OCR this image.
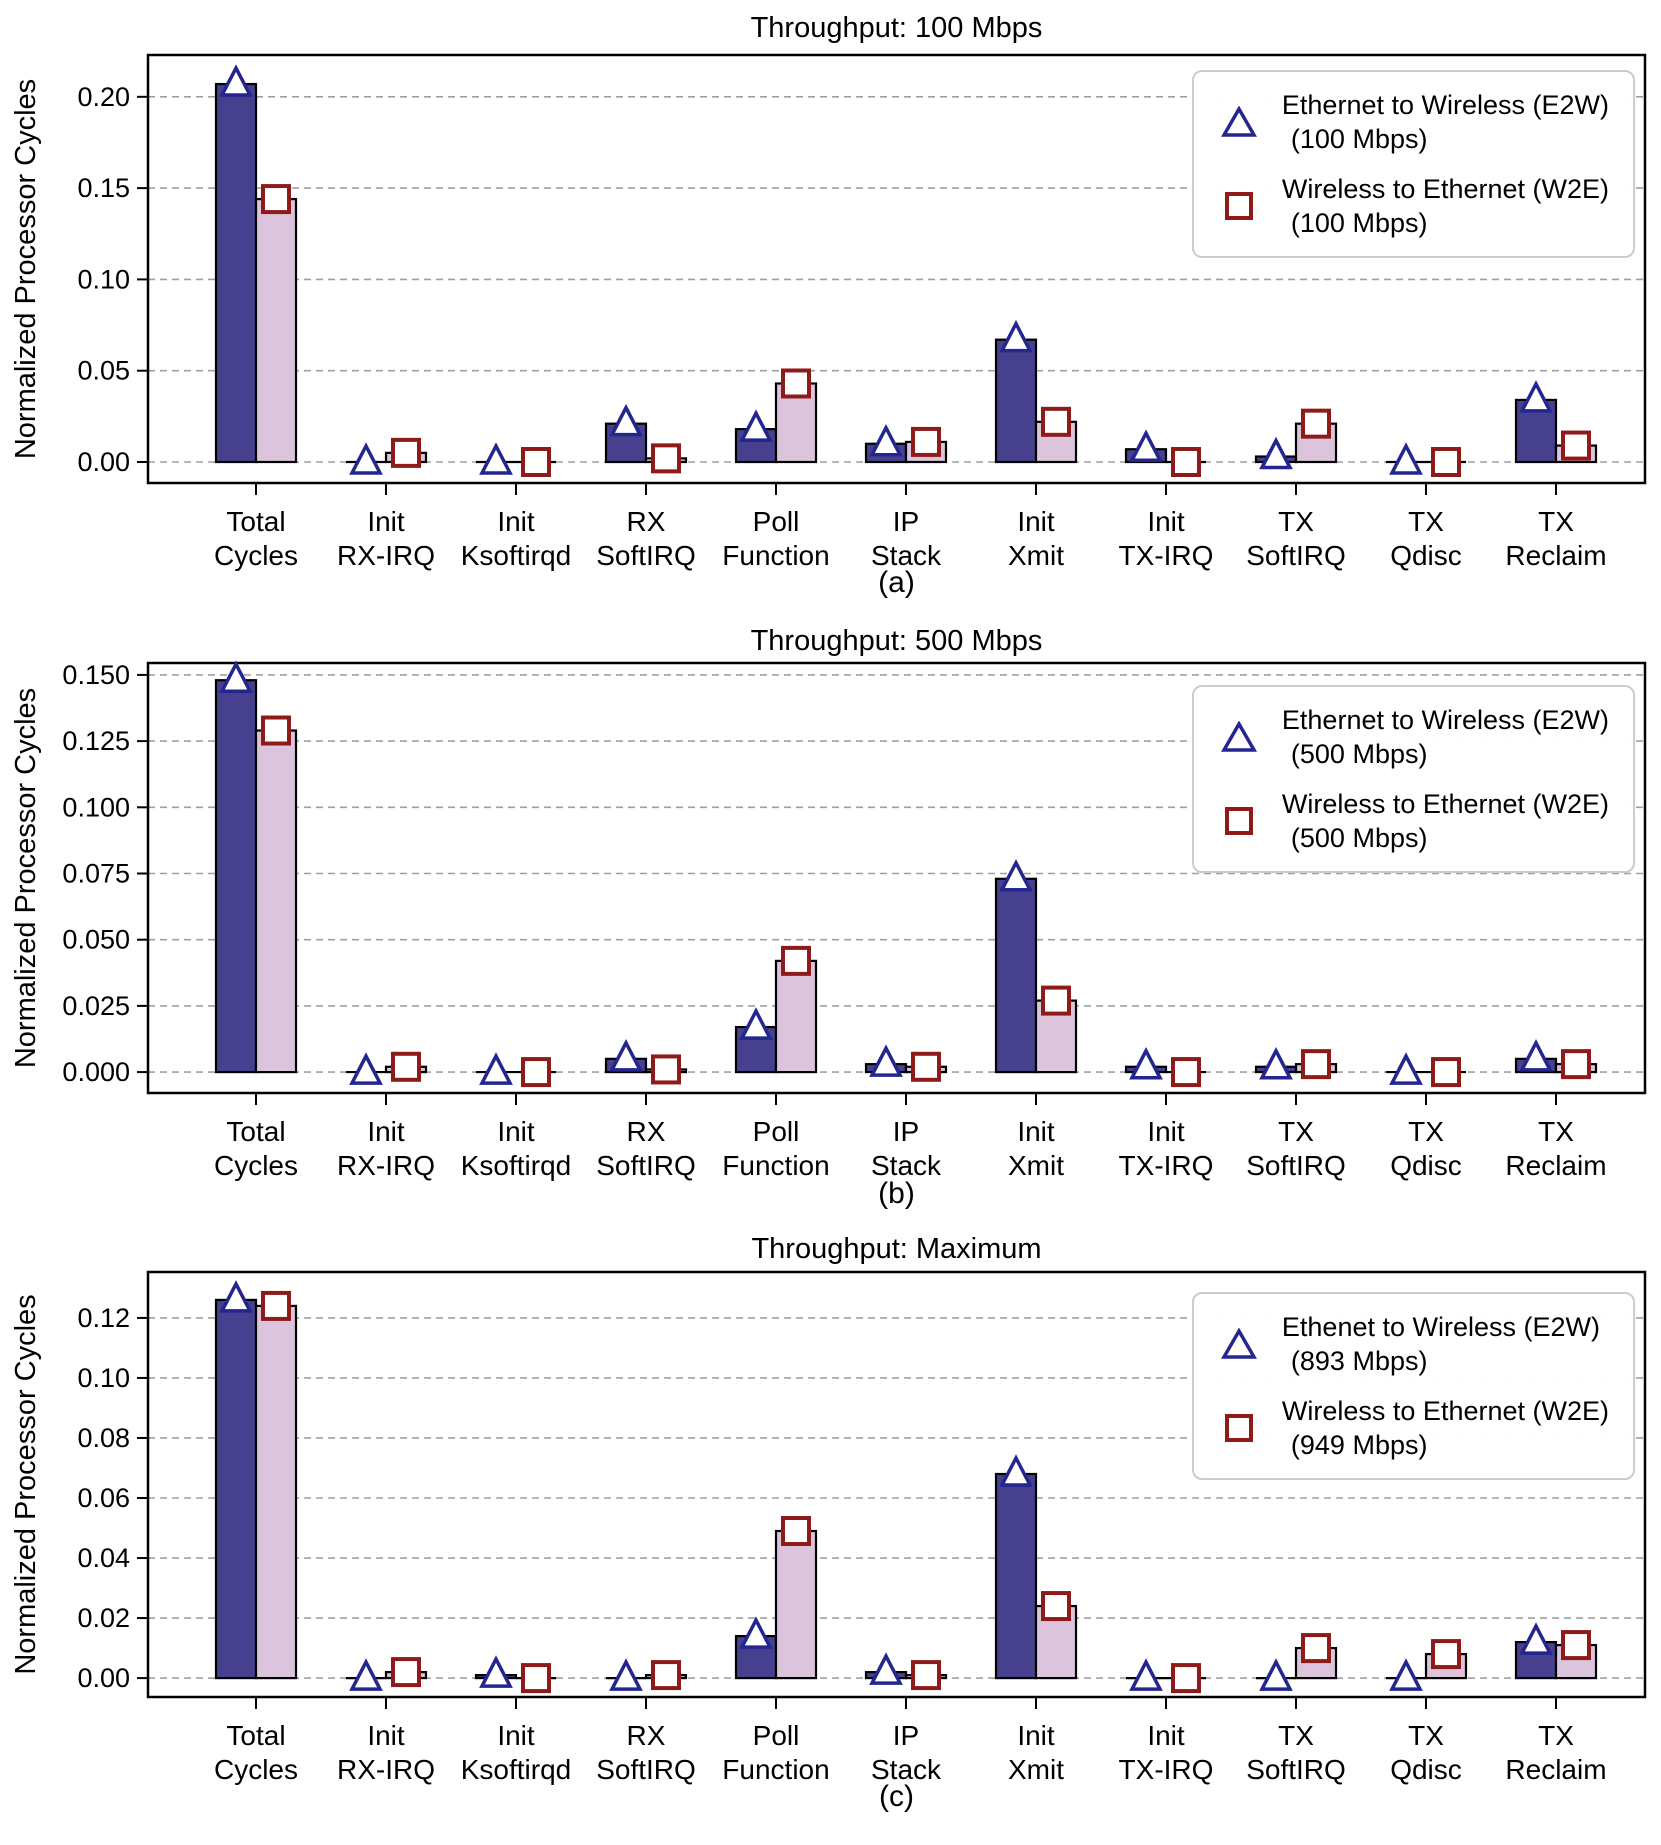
0.00
0.05
0.10
0.15
0.20
Total
Cycles
Init
RX-IRQ
Init
Ksoftirqd
RX
SoftIRQ
Poll
Function
IP
Stack
Init
Xmit
Init
TX-IRQ
TX
SoftIRQ
TX
Qdisc
TX
Reclaim
Normalized Processor Cycles
Throughput: 100 Mbps
Ethernet to Wireless (E2W)
(100 Mbps)
Wireless to Ethernet (W2E)
(100 Mbps)
(a)
0.000
0.025
0.050
0.075
0.100
0.125
0.150
Total
Cycles
Init
RX-IRQ
Init
Ksoftirqd
RX
SoftIRQ
Poll
Function
IP
Stack
Init
Xmit
Init
TX-IRQ
TX
SoftIRQ
TX
Qdisc
TX
Reclaim
Normalized Processor Cycles
Throughput: 500 Mbps
Ethernet to Wireless (E2W)
(500 Mbps)
Wireless to Ethernet (W2E)
(500 Mbps)
(b)
0.00
0.02
0.04
0.06
0.08
0.10
0.12
Total
Cycles
Init
RX-IRQ
Init
Ksoftirqd
RX
SoftIRQ
Poll
Function
IP
Stack
Init
Xmit
Init
TX-IRQ
TX
SoftIRQ
TX
Qdisc
TX
Reclaim
Normalized Processor Cycles
Throughput: Maximum
Ethenet to Wireless (E2W)
(893 Mbps)
Wireless to Ethernet (W2E)
(949 Mbps)
(c)
